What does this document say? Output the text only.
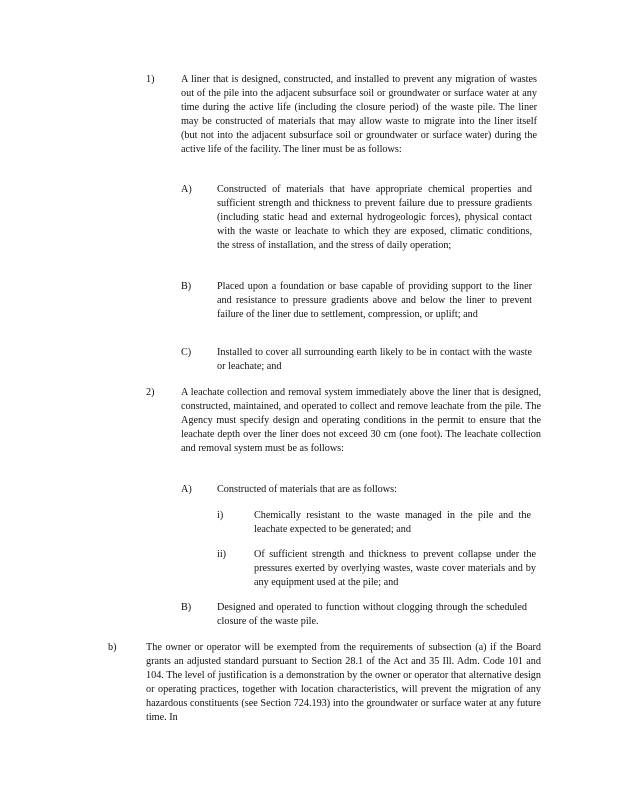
1)	A liner that is designed, constructed, and installed to prevent any migration of wastes out of the pile into the adjacent subsurface soil or groundwater or surface water at any time during the active life (including the closure period) of the waste pile. The liner may be constructed of materials that may allow waste to migrate into the liner itself (but not into the adjacent subsurface soil or groundwater or surface water) during the active life of the facility. The liner must be as follows:
A) Constructed of materials that have appropriate chemical properties and sufficient strength and thickness to prevent failure due to pressure gradients (including static head and external hydrogeologic forces), physical contact with the waste or leachate to which they are exposed, climatic conditions, the stress of installation, and the stress of daily operation;
B)	Placed upon a foundation or base capable of providing support to the liner and resistance to pressure gradients above and below the liner to prevent failure of the liner due to settlement, compression, or uplift; and
C)	Installed to cover all surrounding earth likely to be in contact with the waste or leachate; and
2)	A leachate collection and removal system immediately above the liner that is designed, constructed, maintained, and operated to collect and remove leachate from the pile. The Agency must specify design and operating conditions in the permit to ensure that the leachate depth over the liner does not exceed 30 cm (one foot). The leachate collection and removal system must be as follows:
A) Constructed of materials that are as follows:
i)	Chemically resistant to the waste managed in the pile and the leachate expected to be generated; and
ii)	Of sufficient strength and thickness to prevent collapse under the pressures exerted by overlying wastes, waste cover materials and by any equipment used at the pile; and
B)	Designed and operated to function without clogging through the scheduled closure of the waste pile.
b)	The owner or operator will be exempted from the requirements of subsection (a) if the Board grants an adjusted standard pursuant to Section 28.1 of the Act and 35 Ill. Adm. Code 101 and 104. The level of justification is a demonstration by the owner or operator that alternative design or operating practices, together with location characteristics, will prevent the migration of any hazardous constituents (see Section 724.193) into the groundwater or surface water at any future time. In
